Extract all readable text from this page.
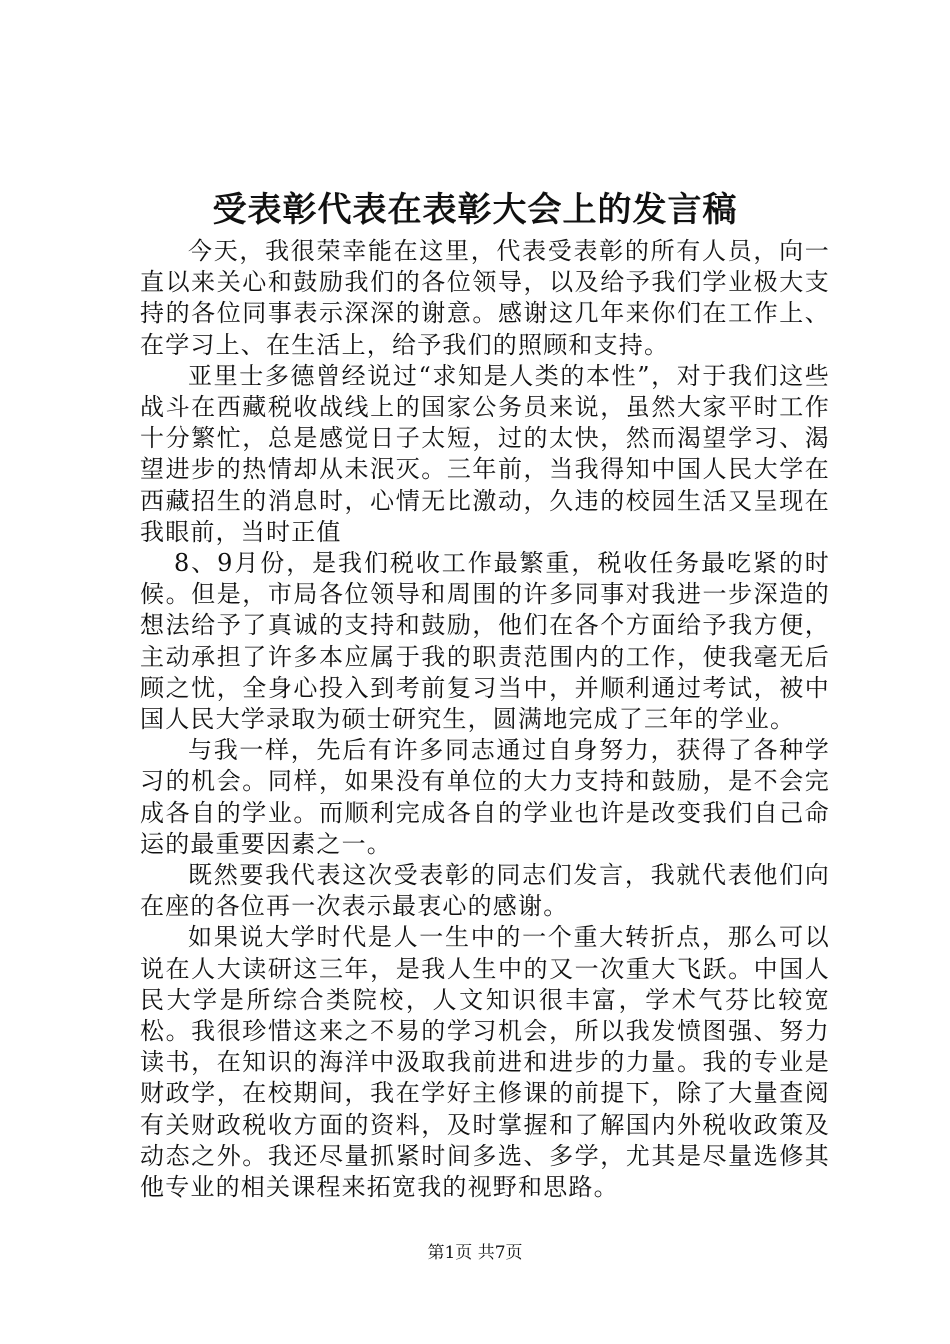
受表彰代表在表彰大会上的发言稿

今天，我很荣幸能在这里，代表受表彰的所有人员，向一直以来关心和鼓励我们的各位领导，以及给予我们学业极大支持的各位同事表示深深的谢意。感谢这几年来你们在工作上、在学习上、在生活上，给予我们的照顾和支持。

亚里士多德曾经说过“求知是人类的本性”，对于我们这些战斗在西藏税收战线上的国家公务员来说，虽然大家平时工作十分繁忙，总是感觉日子太短，过的太快，然而渴望学习、渴望进步的热情却从未泯灭。三年前，当我得知中国人民大学在西藏招生的消息时，心情无比激动，久违的校园生活又呈现在我眼前，当时正值

8、9月份，是我们税收工作最繁重，税收任务最吃紧的时候。但是，市局各位领导和周围的许多同事对我进一步深造的想法给予了真诚的支持和鼓励，他们在各个方面给予我方便，主动承担了许多本应属于我的职责范围内的工作，使我毫无后顾之忧，全身心投入到考前复习当中，并顺利通过考试，被中国人民大学录取为硕士研究生，圆满地完成了三年的学业。

与我一样，先后有许多同志通过自身努力，获得了各种学习的机会。同样，如果没有单位的大力支持和鼓励，是不会完成各自的学业。而顺利完成各自的学业也许是改变我们自己命运的最重要因素之一。

既然要我代表这次受表彰的同志们发言，我就代表他们向在座的各位再一次表示最衷心的感谢。

如果说大学时代是人一生中的一个重大转折点，那么可以说在人大读研这三年，是我人生中的又一次重大飞跃。中国人民大学是所综合类院校，人文知识很丰富，学术气芬比较宽松。我很珍惜这来之不易的学习机会，所以我发愤图强、努力读书，在知识的海洋中汲取我前进和进步的力量。我的专业是财政学，在校期间，我在学好主修课的前提下，除了大量查阅有关财政税收方面的资料，及时掌握和了解国内外税收政策及动态之外。我还尽量抓紧时间多选、多学，尤其是尽量选修其他专业的相关课程来拓宽我的视野和思路。

第1页 共7页
